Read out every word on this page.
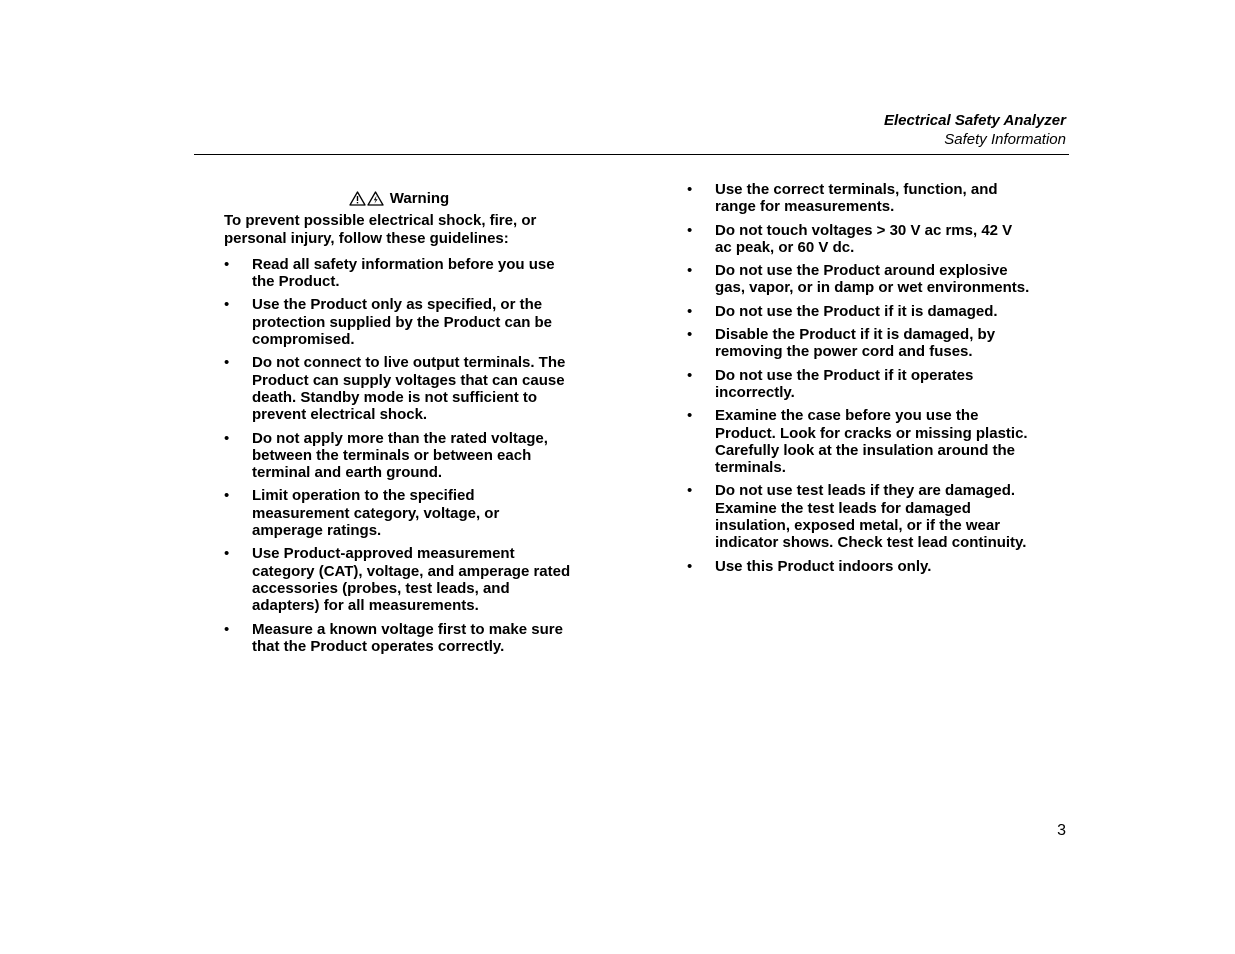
Electrical Safety Analyzer
Safety Information
Warning
To prevent possible electrical shock, fire, or personal injury, follow these guidelines:
• Read all safety information before you use the Product.
• Use the Product only as specified, or the protection supplied by the Product can be compromised.
• Do not connect to live output terminals. The Product can supply voltages that can cause death. Standby mode is not sufficient to prevent electrical shock.
• Do not apply more than the rated voltage, between the terminals or between each terminal and earth ground.
• Limit operation to the specified measurement category, voltage, or amperage ratings.
• Use Product-approved measurement category (CAT), voltage, and amperage rated accessories (probes, test leads, and adapters) for all measurements.
• Measure a known voltage first to make sure that the Product operates correctly.
• Use the correct terminals, function, and range for measurements.
• Do not touch voltages > 30 V ac rms, 42 V ac peak, or 60 V dc.
• Do not use the Product around explosive gas, vapor, or in damp or wet environments.
• Do not use the Product if it is damaged.
• Disable the Product if it is damaged, by removing the power cord and fuses.
• Do not use the Product if it operates incorrectly.
• Examine the case before you use the Product. Look for cracks or missing plastic. Carefully look at the insulation around the terminals.
• Do not use test leads if they are damaged. Examine the test leads for damaged insulation, exposed metal, or if the wear indicator shows. Check test lead continuity.
• Use this Product indoors only.
3
